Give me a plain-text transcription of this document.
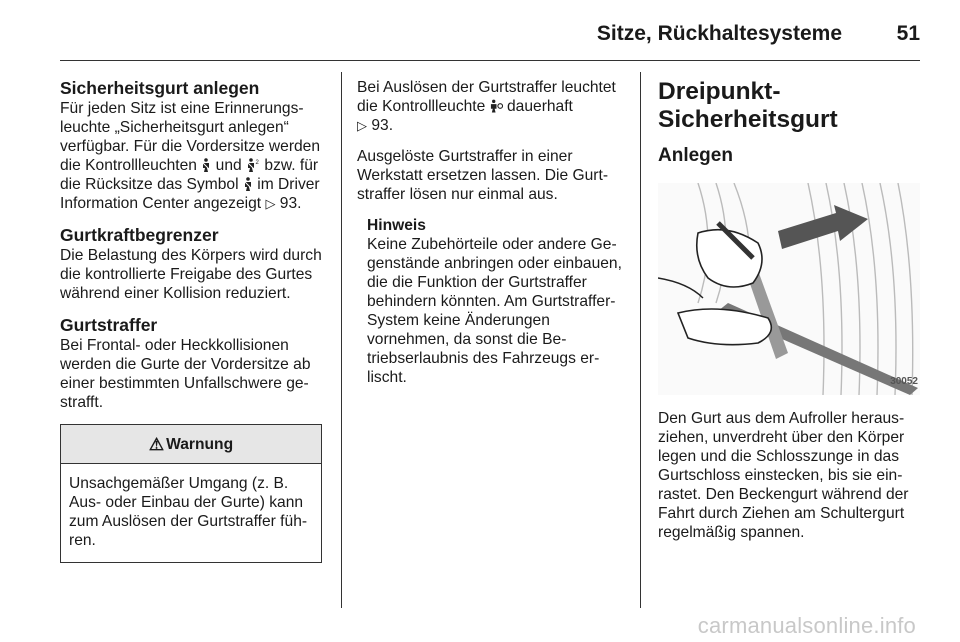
Sitze, Rückhaltesysteme	51
Sicherheitsgurt anlegen

Für jeden Sitz ist eine Erinnerungsleuchte „Sicherheitsgurt anlegen“ verfügbar. Für die Vordersitze werden die Kontrollleuchten und 2 bzw. für die Rücksitze das Symbol im Driver Information Center angezeigt ▷ 93.

Gurtkraftbegrenzer

Die Belastung des Körpers wird durch die kontrollierte Freigabe des Gurtes während einer Kollision reduziert.

Gurtstraffer

Bei Frontal- oder Heckkollisionen werden die Gurte der Vordersitze ab einer bestimmten Unfallschwere gestrafft.

⚠ Warnung
Unsachgemäßer Umgang (z. B. Aus- oder Einbau der Gurte) kann zum Auslösen der Gurtstraffer führen.

Bei Auslösen der Gurtstraffer leuchtet die Kontrollleuchte dauerhaft
▷ 93.

Ausgelöste Gurtstraffer in einer Werkstatt ersetzen lassen. Die Gurtstraffer lösen nur einmal aus.

Hinweis
Keine Zubehörteile oder andere Gegenstände anbringen oder einbauen, die die Funktion der Gurtstraffer behindern könnten. Am Gurtstraffer-System keine Änderungen vornehmen, da sonst die Betriebserlaubnis des Fahrzeugs erlischt.
Dreipunkt-Sicherheitsgurt
Anlegen
30052

Den Gurt aus dem Aufroller herausziehen, unverdreht über den Körper legen und die Schlosszunge in das Gurtschloss einstecken, bis sie einrastet. Den Beckengurt während der Fahrt durch Ziehen am Schultergurt regelmäßig spannen.

carmanualsonline.info
